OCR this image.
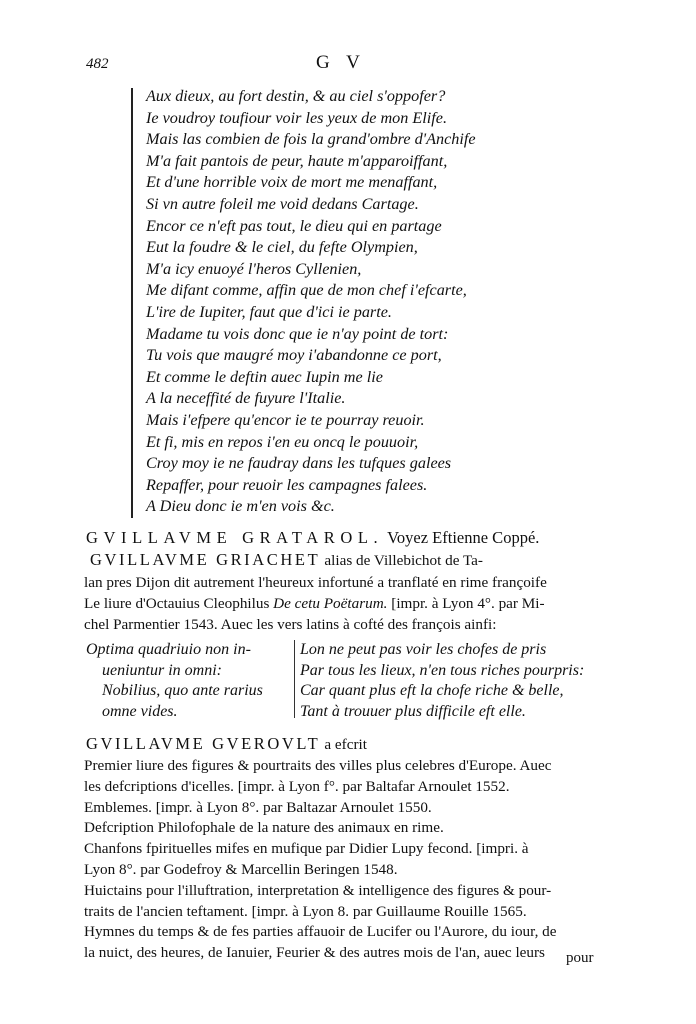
482	G V
Aux dieux, au fort destin, & au ciel s'oppofer?
Ie voudroy toufiour voir les yeux de mon Elife.
Mais las combien de fois la grand'ombre d'Anchife
M'a fait pantois de peur, haute m'apparoiffant,
Et d'une horrible voix de mort me menaffant,
Si vn autre foleil me void dedans Cartage.
Encor ce n'eft pas tout, le dieu qui en partage
Eut la foudre & le ciel, du fefte Olympien,
M'a icy enuoyé l'heros Cyllenien,
Me difant comme, affin que de mon chef i'efcarte,
L'ire de Iupiter, faut que d'ici ie parte.
Madame tu vois donc que ie n'ay point de tort:
Tu vois que maugré moy i'abandonne ce port,
Et comme le deftin auec Iupin me lie
A la neceffité de fuyure l'Italie.
Mais i'efpere qu'encor ie te pourray reuoir.
Et fi, mis en repos i'en eu oncq le pouuoir,
Croy moy ie ne faudray dans les tufques galees
Repaffer, pour reuoir les campagnes falees.
A Dieu donc ie m'en vois &c.
GVILLAVME GRATAROL. Voyez Eftienne Coppé.
GVILLAVME GRIACHET alias de Villebichot de Ta-
lan pres Dijon dit autrement l'heureux infortuné a tranflaté en rime françoife
Le liure d'Octauius Cleophilus De cetu Poëtarum. [impr. à Lyon 4°. par Mi-
chel Parmentier 1543. Auec les vers latins à cofté des françois ainfi:
Optima quadriuio non in-
ueniuntur in omni:
Nobilius, quo ante rarius
omne vides.
Lon ne peut pas voir les chofes de pris
Par tous les lieux, n'en tous riches pourpris:
Car quant plus eft la chofe riche & belle,
Tant à trouuer plus difficile eft elle.
GVILLAVME GVEROVLT a efcrit
Premier liure des figures & pourtraits des villes plus celebres d'Europe. Auec
les defcriptions d'icelles. [impr. à Lyon f°. par Baltafar Arnoulet 1552.
Emblemes. [impr. à Lyon 8°. par Baltazar Arnoulet 1550.
Defcription Philofophale de la nature des animaux en rime.
Chanfons fpirituelles mifes en mufique par Didier Lupy fecond. [impri. à
Lyon 8°. par Godefroy & Marcellin Beringen 1548.
Huictains pour l'illuftration, interpretation & intelligence des figures & pour-
traits de l'ancien teftament. [impr. à Lyon 8. par Guillaume Rouille 1565.
Hymnes du temps & de fes parties affauoir de Lucifer ou l'Aurore, du iour, de
la nuict, des heures, de Ianuier, Feurier & des autres mois de l'an, auec leurs	pour
